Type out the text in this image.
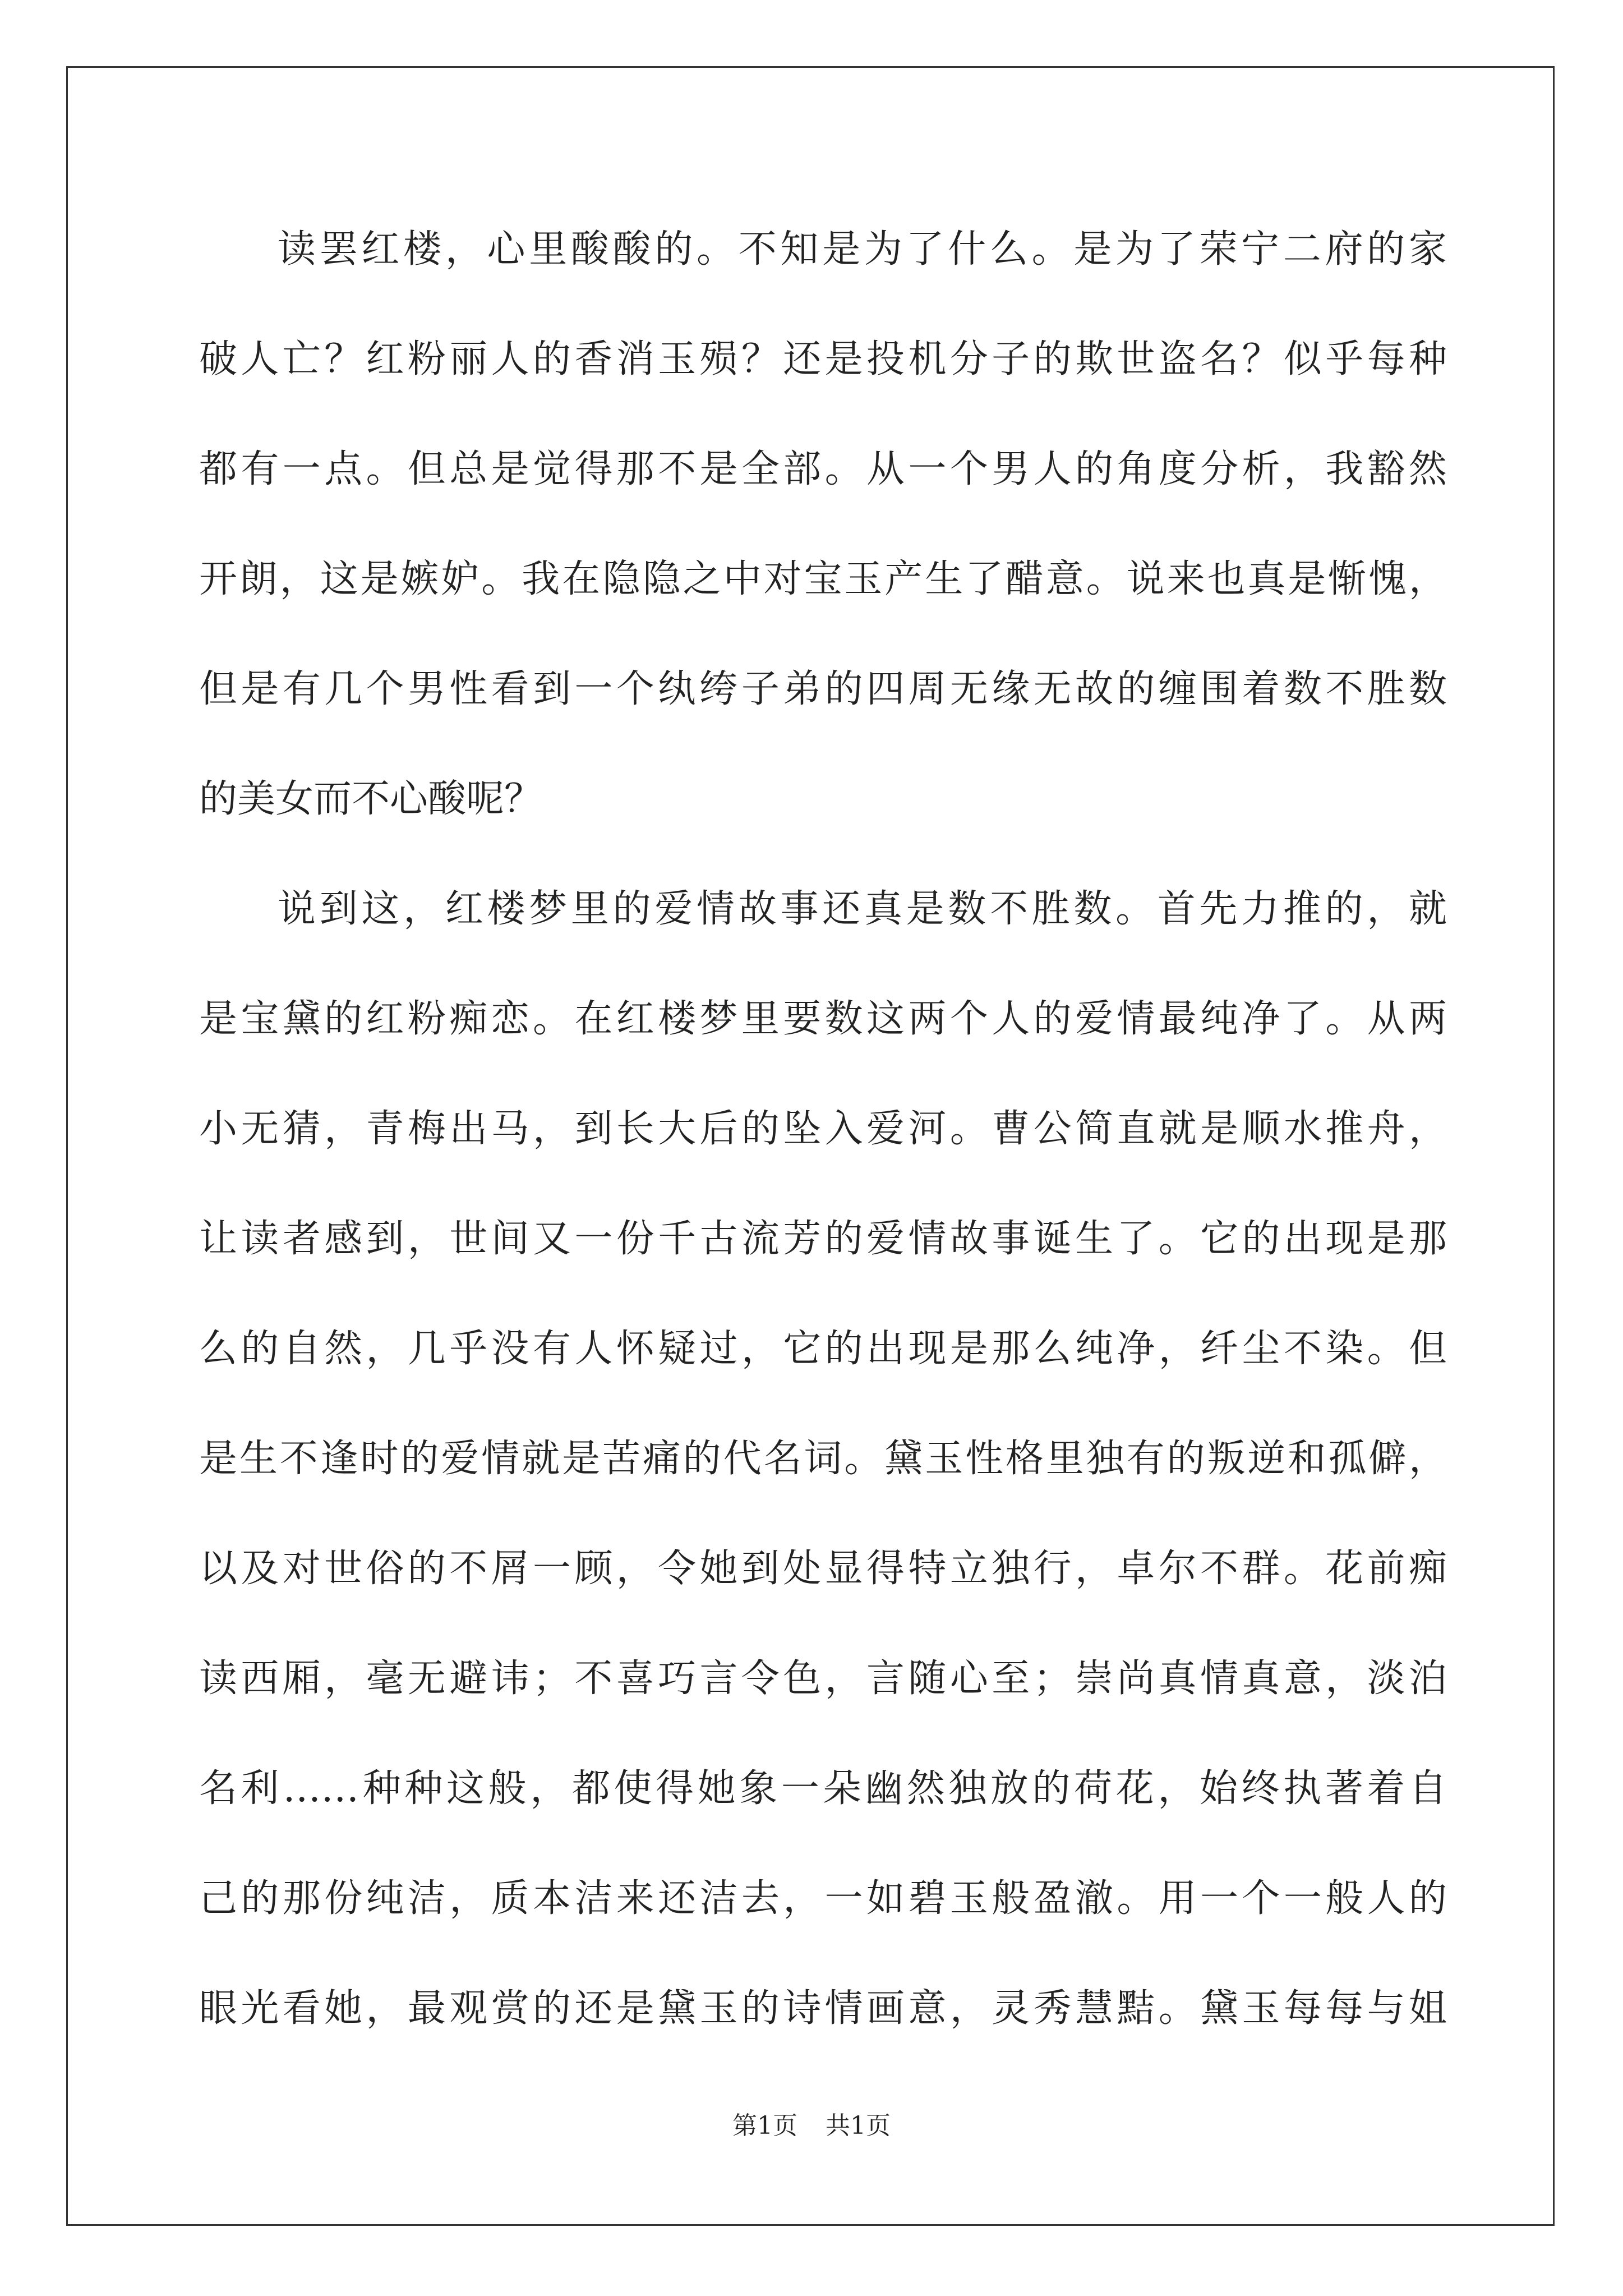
读罢红楼，心里酸酸的。不知是为了什么。是为了荣宁二府的家
破人亡？红粉丽人的香消玉殒？还是投机分子的欺世盗名？似乎每种
都有一点。但总是觉得那不是全部。从一个男人的角度分析，我豁然
开朗，这是嫉妒。我在隐隐之中对宝玉产生了醋意。说来也真是惭愧，
但是有几个男性看到一个纨绔子弟的四周无缘无故的缠围着数不胜数
的美女而不心酸呢？
说到这，红楼梦里的爱情故事还真是数不胜数。首先力推的，就
是宝黛的红粉痴恋。在红楼梦里要数这两个人的爱情最纯净了。从两
小无猜，青梅出马，到长大后的坠入爱河。曹公简直就是顺水推舟，
让读者感到，世间又一份千古流芳的爱情故事诞生了。它的出现是那
么的自然，几乎没有人怀疑过，它的出现是那么纯净，纤尘不染。但
是生不逢时的爱情就是苦痛的代名词。黛玉性格里独有的叛逆和孤僻，
以及对世俗的不屑一顾，令她到处显得特立独行，卓尔不群。花前痴
读西厢，毫无避讳；不喜巧言令色，言随心至；崇尚真情真意，淡泊
名利……种种这般，都使得她象一朵幽然独放的荷花，始终执著着自
己的那份纯洁，质本洁来还洁去，一如碧玉般盈澈。用一个一般人的
眼光看她，最观赏的还是黛玉的诗情画意，灵秀慧黠。黛玉每每与姐
第1页 共1页
